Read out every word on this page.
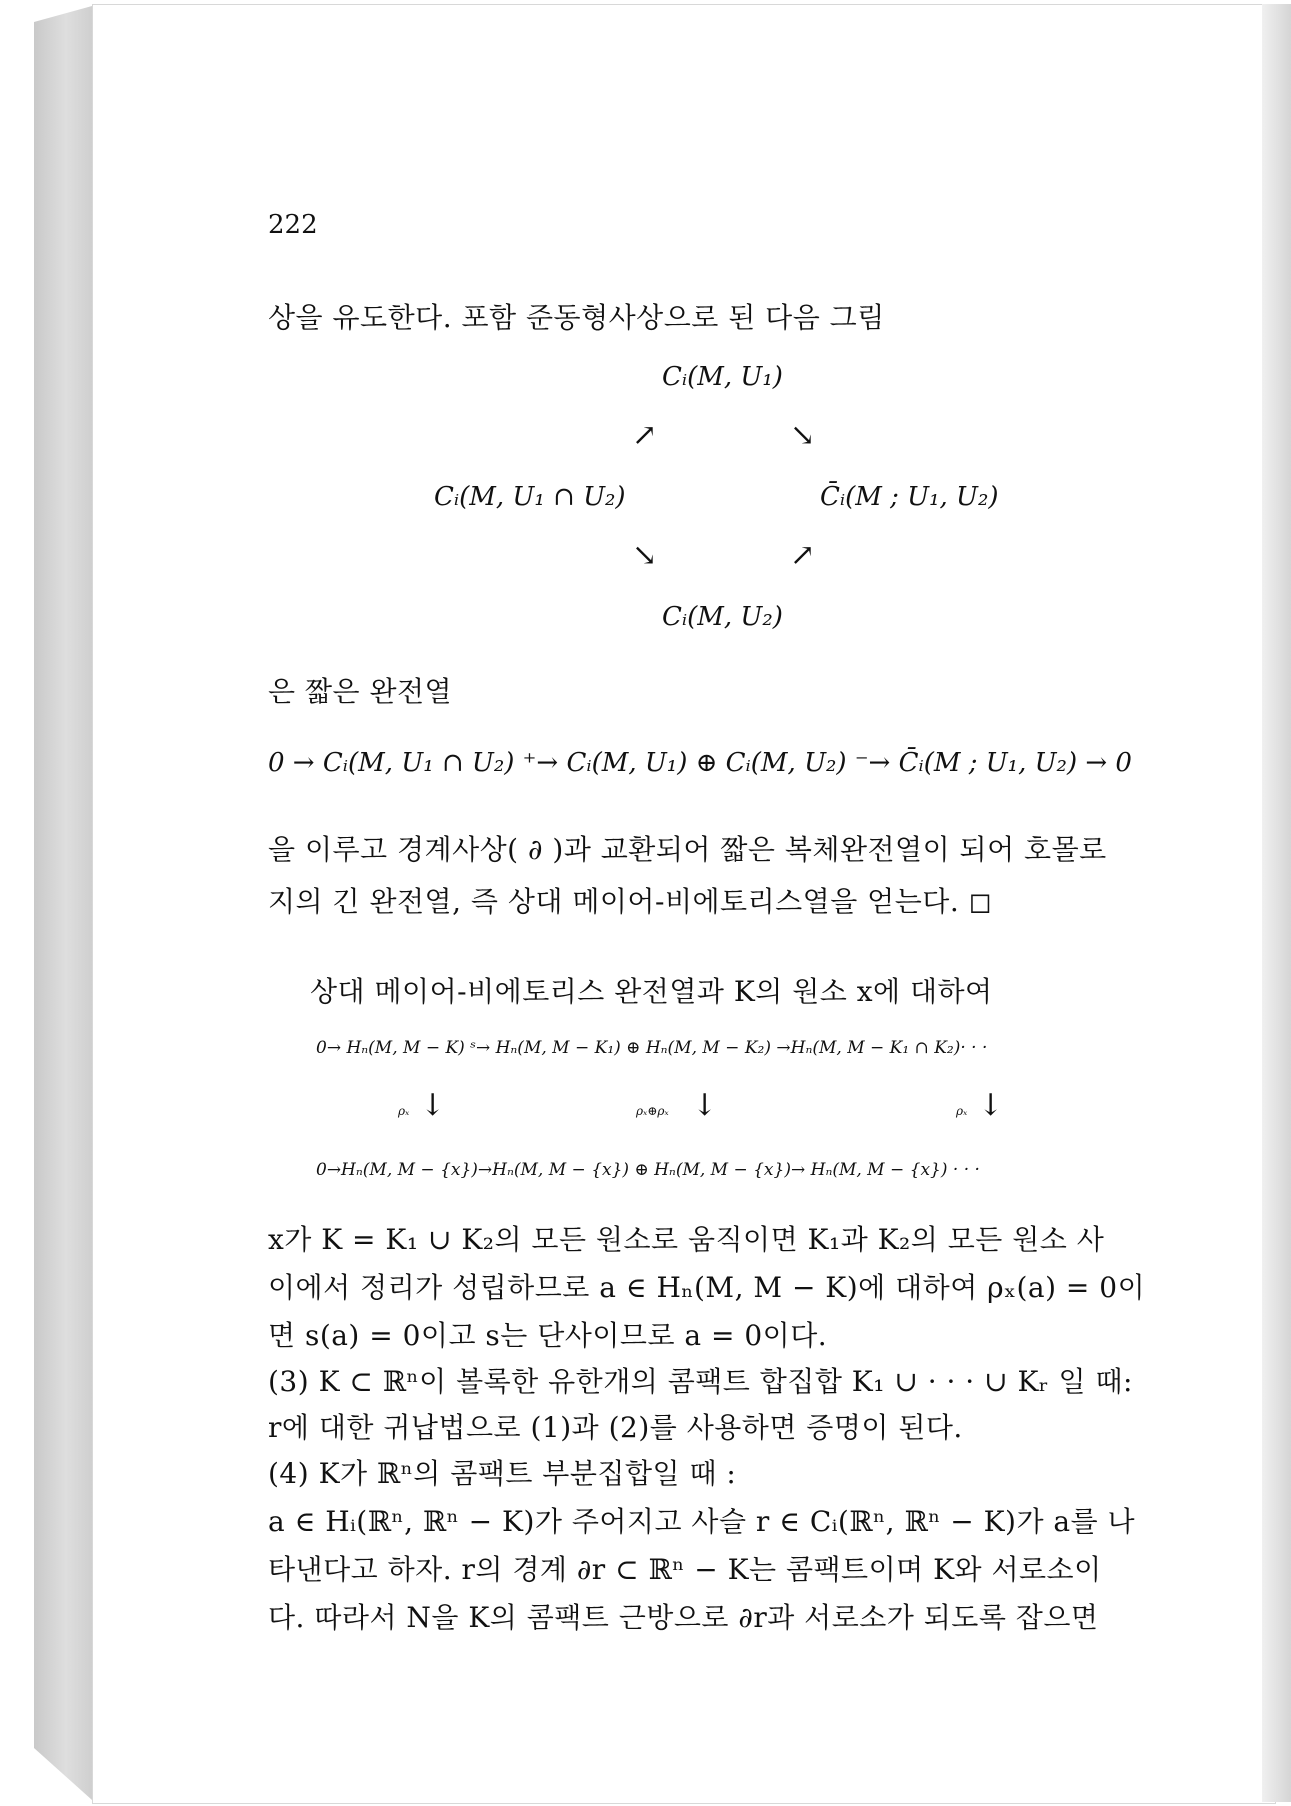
222
상을 유도한다. 포함 준동형사상으로 된 다음 그림
Cᵢ(M, U₁)
↗	↘
Cᵢ(M, U₁ ∩ U₂)	C̄ᵢ(M ; U₁, U₂)
↘	↗
Cᵢ(M, U₂)
은 짧은 완전열
0 → Cᵢ(M, U₁ ∩ U₂) ⁺→ Cᵢ(M, U₁) ⊕ Cᵢ(M, U₂) ⁻→ C̄ᵢ(M ; U₁, U₂) → 0
을 이루고 경계사상( ∂ )과 교환되어 짧은 복체완전열이 되어 호몰로
지의 긴 완전열, 즉 상대 메이어-비에토리스열을 얻는다. ◻
상대 메이어-비에토리스 완전열과 K의 원소 x에 대하여
0→ Hₙ(M, M − K) ˢ→ Hₙ(M, M − K₁) ⊕ Hₙ(M, M − K₂) →Hₙ(M, M − K₁ ∩ K₂)· · ·
ρₓ ↓	ρₓ⊕ρₓ ↓	ρₓ ↓
0→Hₙ(M, M − {x})→Hₙ(M, M − {x}) ⊕ Hₙ(M, M − {x})→ Hₙ(M, M − {x}) · · ·
x가 K = K₁ ∪ K₂의 모든 원소로 움직이면 K₁과 K₂의 모든 원소 사
이에서 정리가 성립하므로 a ∈ Hₙ(M, M − K)에 대하여 ρₓ(a) = 0이
면 s(a) = 0이고 s는 단사이므로 a = 0이다.
(3) K ⊂ ℝⁿ이 볼록한 유한개의 콤팩트 합집합 K₁ ∪ · · · ∪ Kᵣ 일 때:
r에 대한 귀납법으로 (1)과 (2)를 사용하면 증명이 된다.
(4) K가 ℝⁿ의 콤팩트 부분집합일 때 :
a ∈ Hᵢ(ℝⁿ, ℝⁿ − K)가 주어지고 사슬 r ∈ Cᵢ(ℝⁿ, ℝⁿ − K)가 a를 나
타낸다고 하자. r의 경계 ∂r ⊂ ℝⁿ − K는 콤팩트이며 K와 서로소이
다. 따라서 N을 K의 콤팩트 근방으로 ∂r과 서로소가 되도록 잡으면
